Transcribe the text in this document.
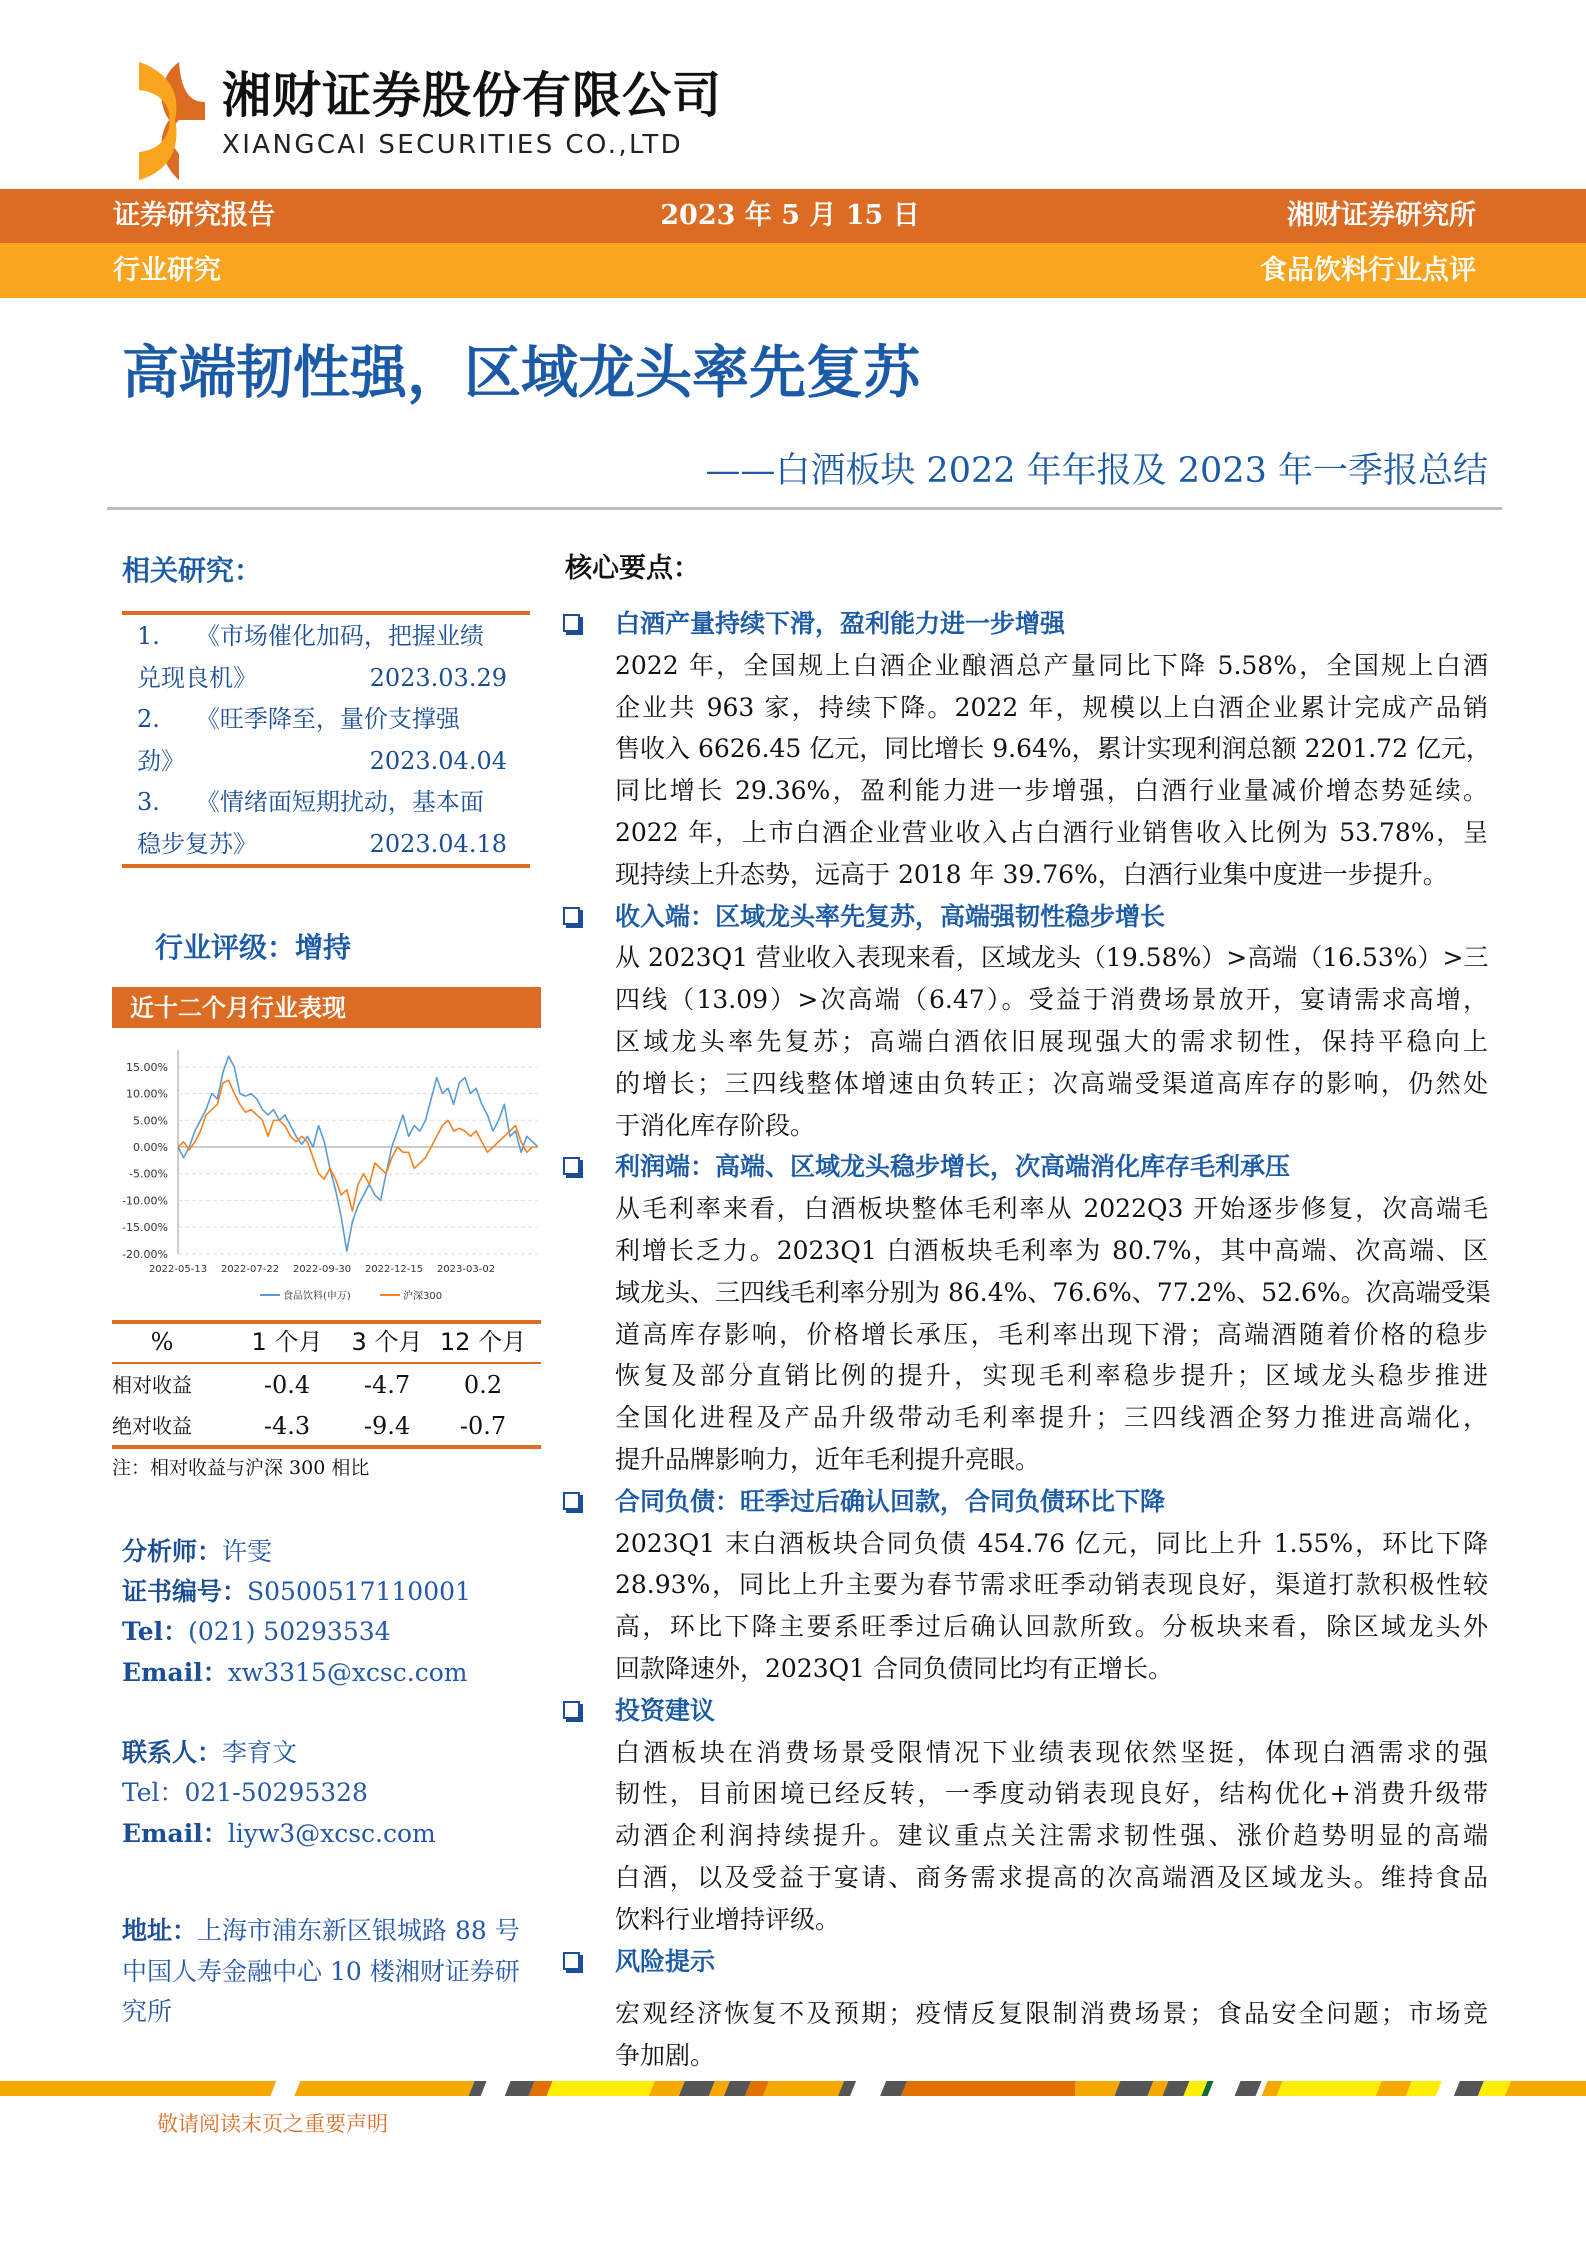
湘财证券股份有限公司
XIANGCAI SECURITIES CO.,LTD
证券研究报告	2023 年 5 月 15 日	湘财证券研究所
行业研究	食品饮料行业点评
高端韧性强，区域龙头率先复苏
——白酒板块 2022 年年报及 2023 年一季报总结
相关研究：
1.　　《市场催化加码，把握业绩
兑现良机》	2023.03.29
2.　　《旺季降至，量价支撑强
劲》	2023.04.04
3.　　《情绪面短期扰动，基本面
稳步复苏》	2023.04.18
行业评级：增持
近十二个月行业表现
15.00%
10.00%
5.00%
0.00%
-5.00%
-10.00%
-15.00%
-20.00%
2022-05-13 2022-07-22 2022-09-30 2022-12-15 2023-03-02
食品饮料(申万)	沪深300
%	1 个月 3 个月 12 个月
相对收益	-0.4 -4.7 0.2
绝对收益	-4.3 -9.4 -0.7
注：相对收益与沪深 300 相比
分析师：许雯
证书编号：S0500517110001
Tel：(021) 50293534
Email：xw3315@xcsc.com
联系人：李育文
Tel：021-50295328
Email：liyw3@xcsc.com
地址：上海市浦东新区银城路 88 号
中国人寿金融中心 10 楼湘财证券研
究所
核心要点：
白酒产量持续下滑，盈利能力进一步增强
2022 年，全国规上白酒企业酿酒总产量同比下降 5.58%，全国规上白酒
企业共 963 家，持续下降。2022 年，规模以上白酒企业累计完成产品销
售收入 6626.45 亿元，同比增长 9.64%，累计实现利润总额 2201.72 亿元，
同比增长 29.36%，盈利能力进一步增强，白酒行业量减价增态势延续。
2022 年，上市白酒企业营业收入占白酒行业销售收入比例为 53.78%，呈
现持续上升态势，远高于 2018 年 39.76%，白酒行业集中度进一步提升。
收入端：区域龙头率先复苏，高端强韧性稳步增长
从 2023Q1 营业收入表现来看，区域龙头（19.58%）>高端（16.53%）>三
四线（13.09）>次高端（6.47）。受益于消费场景放开，宴请需求高增，
区域龙头率先复苏；高端白酒依旧展现强大的需求韧性，保持平稳向上
的增长；三四线整体增速由负转正；次高端受渠道高库存的影响，仍然处
于消化库存阶段。
利润端：高端、区域龙头稳步增长，次高端消化库存毛利承压
从毛利率来看，白酒板块整体毛利率从 2022Q3 开始逐步修复，次高端毛
利增长乏力。2023Q1 白酒板块毛利率为 80.7%，其中高端、次高端、区
域龙头、三四线毛利率分别为 86.4%、76.6%、77.2%、52.6%。次高端受渠
道高库存影响，价格增长承压，毛利率出现下滑；高端酒随着价格的稳步
恢复及部分直销比例的提升，实现毛利率稳步提升；区域龙头稳步推进
全国化进程及产品升级带动毛利率提升；三四线酒企努力推进高端化，
提升品牌影响力，近年毛利提升亮眼。
合同负债：旺季过后确认回款，合同负债环比下降
2023Q1 末白酒板块合同负债 454.76 亿元，同比上升 1.55%，环比下降
28.93%，同比上升主要为春节需求旺季动销表现良好，渠道打款积极性较
高，环比下降主要系旺季过后确认回款所致。分板块来看，除区域龙头外
回款降速外，2023Q1 合同负债同比均有正增长。
投资建议
白酒板块在消费场景受限情况下业绩表现依然坚挺，体现白酒需求的强
韧性，目前困境已经反转，一季度动销表现良好，结构优化+消费升级带
动酒企利润持续提升。建议重点关注需求韧性强、涨价趋势明显的高端
白酒，以及受益于宴请、商务需求提高的次高端酒及区域龙头。维持食品
饮料行业增持评级。
风险提示
宏观经济恢复不及预期；疫情反复限制消费场景；食品安全问题；市场竞
争加剧。
敬请阅读末页之重要声明
